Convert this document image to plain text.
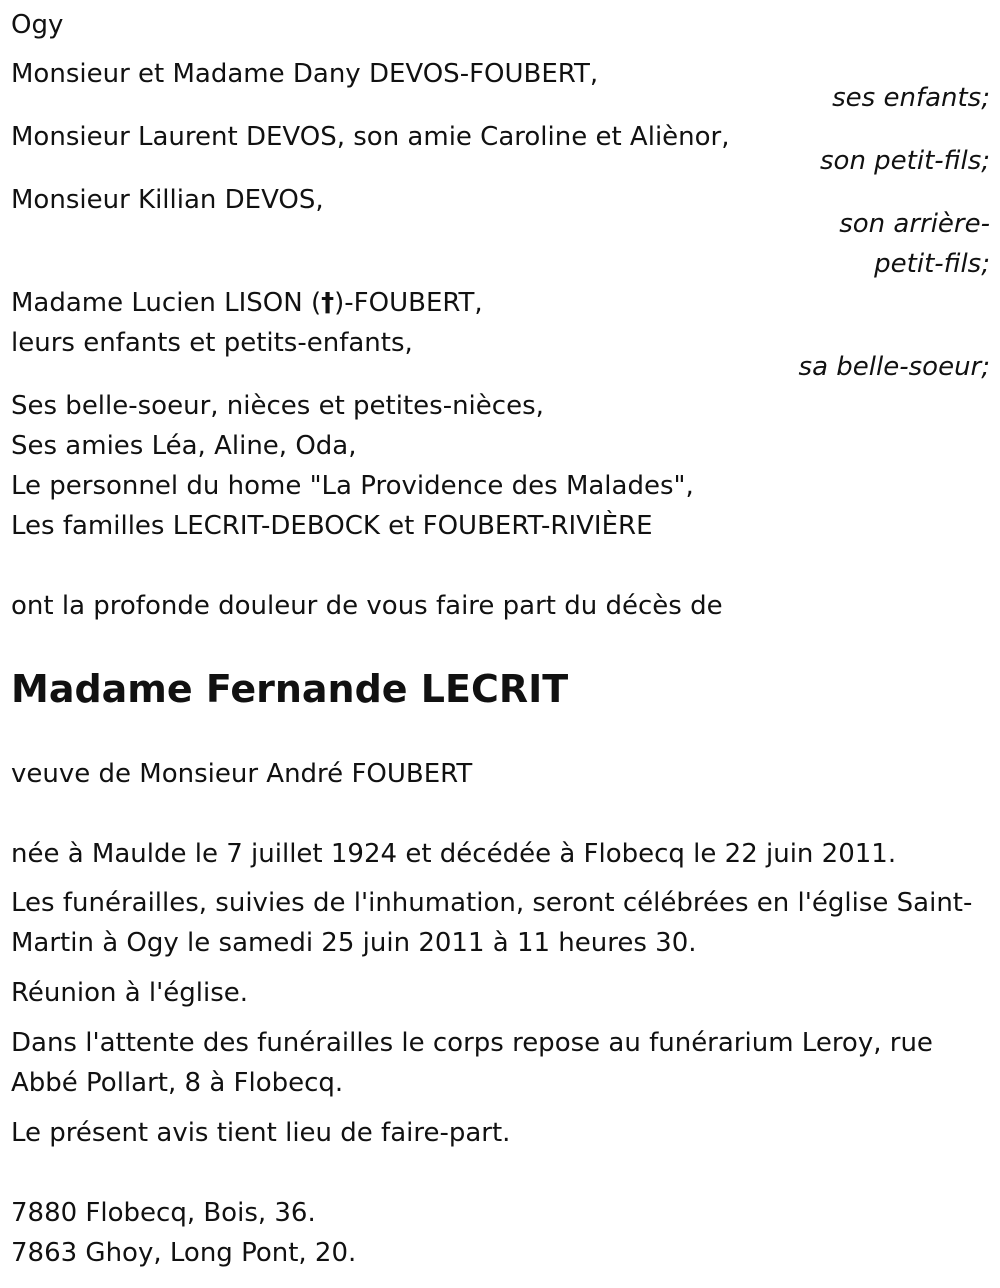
Ogy
Monsieur et Madame Dany DEVOS-FOUBERT,
ses enfants;
Monsieur Laurent DEVOS, son amie Caroline et Aliènor,
son petit-fils;
Monsieur Killian DEVOS,
son arrière-
petit-fils;
Madame Lucien LISON (†)-FOUBERT,
leurs enfants et petits-enfants,
sa belle-soeur;
Ses belle-soeur, nièces et petites-nièces,
Ses amies Léa, Aline, Oda,
Le personnel du home "La Providence des Malades",
Les familles LECRIT-DEBOCK et FOUBERT-RIVIÈRE
ont la profonde douleur de vous faire part du décès de
Madame Fernande LECRIT
veuve de Monsieur André FOUBERT
née à Maulde le 7 juillet 1924 et décédée à Flobecq le 22 juin 2011.
Les funérailles, suivies de l'inhumation, seront célébrées en l'église Saint-
Martin à Ogy le samedi 25 juin 2011 à 11 heures 30.
Réunion à l'église.
Dans l'attente des funérailles le corps repose au funérarium Leroy, rue
Abbé Pollart, 8 à Flobecq.
Le présent avis tient lieu de faire-part.
7880 Flobecq, Bois, 36.
7863 Ghoy, Long Pont, 20.
